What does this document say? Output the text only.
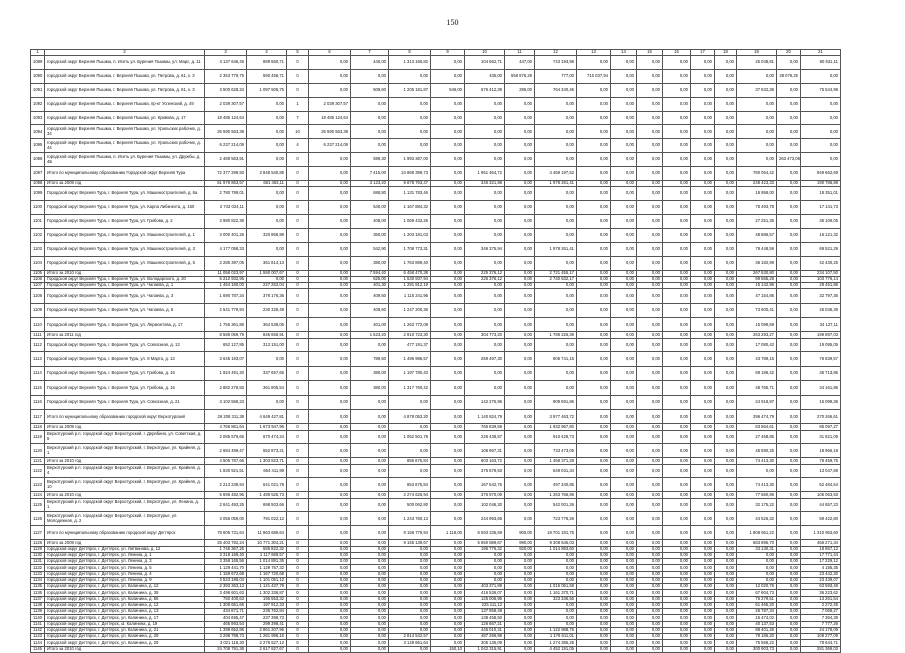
150
1	2	3	4	5	6	7	8	9	10	11	12	13	14	15	16	17	18	19	20	21	
1089	городской округ Верхняя Пышма, п. Исеть ул. Бурения Пышмы, ул. Марс, д. 11	3 137 646,45	889 560,71	0	0,00	440,00	1 313 165,82	0,00	104 562,71	447,00	743 193,99	0,00	0,00	0,00	0,00	0,00	0,00	25 048,81	0,00	80 531,11	
1090	городской округ Верхняя Пышма, г. Верхняя Пышма, ул. Петрова, д. 61, к. 3	2 353 779,75	590 458,71	0	0,00	0,00	0,00	0,00	435,00	558 976,29	777,00	710 037,94	0,00	0,00	0,00	0,00	0,00	0,00	38 078,25	0,00	
1091	городской округ Верхняя Пышма, г. Верхняя Пышма, ул. Петрова, д. 61, к. 3	3 500 628,34	1 097 506,75	0	0,00	509,60	1 205 181,87	546,00	676 412,39	295,00	764 340,46	0,00	0,00	0,00	0,00	0,00	0,00	37 632,36	0,00	75 544,99	
1092	городской округ Верхняя Пышма, г. Верхняя Пышма, пр-кт Успенский, д. 49	2 039 307,57	0,00	1	2 039 307,57	0,00	0,00	0,00	0,00	0,00	0,00	0,00	0,00	0,00	0,00	0,00	0,00	0,00	0,00	0,00	
1093	городской округ Верхняя Пышма, г. Верхняя Пышма, ул. Кривова, д. 17	18 485 124,64	0,00	7	18 485 124,64	0,00	0,00	0,00	0,00	0,00	0,00	0,00	0,00	0,00	0,00	0,00	0,00	0,00	0,00	0,00	
1094	городской округ Верхняя Пышма, г. Верхняя Пышма, ул. Уральских рабочих, д. 34	26 590 563,39	0,00	10	26 590 563,39	0,00	0,00	0,00	0,00	0,00	0,00	0,00	0,00	0,00	0,00	0,00	0,00	0,00	0,00	0,00	
1095	городской округ Верхняя Пышма, г. Верхняя Пышма, ул. Уральских рабочих, д. 44	6 237 214,09	0,00	4	6 237 214,09	0,00	0,00	0,00	0,00	0,00	0,00	0,00	0,00	0,00	0,00	0,00	0,00	0,00	0,00	0,00	
1096	городской округ Верхняя Пышма, п. Исеть ул. Бурения Пышмы, ул. Дружбы, д. 4Б	2 469 563,91	0,00	0	0,00	599,30	1 993 367,00	0,00	0,00	0,00	0,00	0,00	0,00	0,00	0,00	0,00	0,00	0,00	263 473,06	0,00	
1097	Итого по муниципальному образованию Городской округ Верхняя Тура	72 377 299,93	3 848 540,85	0	0,00	7 415,00	24 869 399,73	0,00	1 951 464,72	0,00	4 459 197,52	0,00	0,00	0,00	0,00	0,00	0,00	780 064,42	0,00	949 662,69	
1098	Итого за 2009 год	51 979 863,57	681 463,11	0	0,00	3 123,20	9 878 763,47	0,00	346 321,98	0,00	1 978 261,41	0,00	0,00	0,00	0,00	0,00	0,00	248 423,33	0,00	190 786,88	
1099	Городской округ Верхняя Тура, г. Верхняя Тура, ул. Машиностроителей, д. 6а	2 780 799,01	0,00	0	0,00	688,80	1 131 783,46	0,00	0,00	0,00	0,00	0,00	0,00	0,00	0,00	0,00	0,00	16 958,00	0,00	18 351,01	
1100	Городской округ Верхняя Тура, г. Верхняя Тура, ул. Карла Либкнехта, д. 150	2 743 024,11	0,00	0	0,00	540,00	1 167 884,32	0,00	0,00	0,00	0,00	0,00	0,00	0,00	0,00	0,00	0,00	75 493,78	0,00	17 141,73	
1101	Городской округ Верхняя Тура, г. Верхняя Тура, ул. Грибова, д. 2	3 980 822,36	0,00	0	0,00	408,00	1 069 432,26	0,00	0,00	0,00	0,00	0,00	0,00	0,00	0,00	0,00	0,00	27 251,35	0,00	36 109,05	
1102	Городской округ Верхняя Тура, г. Верхняя Тура, ул. Машиностроителей, д. 1	3 000 401,26	320 868,99	0	0,00	360,00	1 203 181,03	0,00	0,00	0,00	0,00	0,00	0,00	0,00	0,00	0,00	0,00	48 886,57	0,00	16 121,32	
1103	Городской округ Верхняя Тура, г. Верхняя Тура, ул. Машиностроителей, д. 3	4 177 058,33	0,00	0	0,00	542,90	1 708 773,31	0,00	346 375,94	0,00	1 978 261,41	0,00	0,00	0,00	0,00	0,00	0,00	79 448,59	0,00	69 521,29	
1104	Городской округ Верхняя Тура, г. Верхняя Тура, ул. Машиностроителей, д. 5	2 285 397,05	361 814,13	0	0,00	380,00	1 763 899,40	0,00	0,00	0,00	0,00	0,00	0,00	0,00	0,00	0,00	0,00	36 182,99	0,00	42 430,25	
1105	Итого за 2010 год	11 058 023,97	1 590 007,67	0	0,00	7 594,40	6 458 470,38	0,00	225 376,12	0,00	2 721 455,17	0,00	0,00	0,00	0,00	0,00	0,00	267 530,80	0,00	234 107,50	
1106	Городской округ Верхняя Тура, г. Верхняя Тура, ул. Володарского, д. 20	5 212 932,95	0,00	0	0,00	625,00	1 530 937,94	0,00	225 376,12	0,00	2 740 632,17	0,00	0,00	0,00	0,00	0,00	0,00	99 565,28	0,00	103 776,14	
1107	Городской округ Верхняя Тура, г. Верхняя Тура, ул. Чапаева, д. 1	1 464 160,00	227 253,04	0	0,00	401,30	1 291 912,19	0,00	0,00	0,00	0,00	0,00	0,00	0,00	0,00	0,00	0,00	15 142,96	0,00	28 451,86	
1108	Городской округ Верхняя Тура, г. Верхняя Тура, ул. Чапаева, д. 3	1 690 787,34	378 176,36	0	0,00	409,50	1 116 241,96	0,00	0,00	0,00	0,00	0,00	0,00	0,00	0,00	0,00	0,00	47 154,86	0,00	32 797,36	
1109	Городской округ Верхняя Тура, г. Верхняя Тура, ул. Чапаева, д. 5	2 541 779,94	230 328,49	0	0,00	409,60	1 247 200,36	0,00	0,00	0,00	0,00	0,00	0,00	0,00	0,00	0,00	0,00	73 600,41	0,00	26 046,39	
1110	Городской округ Верхняя Тура, г. Верхняя Тура, ул. Лермонтова, д. 17	1 755 361,86	364 538,05	0	0,00	401,00	1 263 772,08	0,00	0,00	0,00	0,00	0,00	0,00	0,00	0,00	0,00	0,00	15 099,59	0,00	34 127,11	
1111	Итого за 2011 год	8 585 069,79	845 656,91	0	0,00	1 523,20	2 910 723,30	0,00	304 773,20	0,00	1 786 226,39	0,00	0,00	0,00	0,00	0,00	0,00	263 293,27	0,00	199 897,03	
1112	Городской округ Верхняя Тура, г. Верхняя Тура, ул. Совхозная, д. 13	652 127,85	313 151,00	0	0,00	0,00	477 191,37	0,00	0,00	0,00	0,00	0,00	0,00	0,00	0,00	0,00	0,00	17 080,42	0,00	19 095,05	
1113	Городской округ Верхняя Тура, г. Верхняя Тура, ул. 8 Марта, д. 13	3 645 193,07	0,00	0	0,00	789,50	1 496 986,57	0,00	259 497,30	0,00	806 741,15	0,00	0,00	0,00	0,00	0,00	0,00	43 789,15	0,00	76 839,57	
1114	Городской округ Верхняя Тура, г. Верхняя Тура, ул. Грибова, д. 16	1 924 491,20	337 657,66	0	0,00	380,00	1 197 780,43	0,00	0,00	0,00	0,00	0,00	0,00	0,00	0,00	0,00	0,00	68 186,42	0,00	36 713,86	
1115	Городской округ Верхняя Тура, г. Верхняя Тура, ул. Грибова, д. 16	2 882 278,83	361 805,54	0	0,00	380,00	1 317 760,42	0,00	0,00	0,00	0,00	0,00	0,00	0,00	0,00	0,00	0,00	48 765,71	0,00	34 161,86	
1116	Городской округ Верхняя Тура, г. Верхняя Тура, ул. Совхозная, д. 21	3 102 558,23	0,00	0	0,00	0,00	0,00	0,00	142 275,96	0,00	909 691,86	0,00	0,00	0,00	0,00	0,00	0,00	24 918,97	0,00	16 099,36	
1117	Итого по муниципальному образованию городской округ Верхотурский	26 208 311,38	4 649 427,81	0	0,00	0,00	4 878 053,20	0,00	1 140 824,79	0,00	3 977 463,72	0,00	0,00	0,00	0,00	0,00	0,00	296 474,79	0,00	270 266,61	
1118	Итого за 2009 год	4 766 861,64	1 673 947,96	0	0,00	0,00	0,00	0,00	765 839,59	0,00	1 932 967,80	0,00	0,00	0,00	0,00	0,00	0,00	83 664,61	0,00	85 097,27	
1119	Верхотурский р.п. городской округ Верхотурский, г. Дерябино, ул. Советская, д. 5	2 085 579,66	670 474,24	0	0,00	0,00	1 052 501,78	0,00	226 438,57	0,00	910 428,73	0,00	0,00	0,00	0,00	0,00	0,00	27 458,85	0,00	31 821,09	
1120	Верхотурский р.п. городской округ Верхотурский, г. Верхотурье, ул. Крайняя, д. 1	2 684 499,47	552 873,21	0	0,00	0,00	0,00	0,00	106 967,31	0,00	733 473,05	0,00	0,00	0,00	0,00	0,00	0,00	45 590,25	0,00	18 966,18	
1121	Итого за 2010 год	4 505 767,66	1 303 823,71	0	0,00	0,00	856 675,84	0,00	603 163,72	0,00	1 458 371,28	0,00	0,00	0,00	0,00	0,00	0,00	74 413,30	0,00	78 459,75	
1122	Верхотурский р.п. городской округ Верхотурский, г. Верхотурье, ул. Крайняя, д. 4	1 830 921,51	664 411,99	0	0,00	0,00	0,00	0,00	375 679,93	0,00	649 031,34	0,00	0,00	0,00	0,00	0,00	0,00	0,00	0,00	13 047,69	
1123	Верхотурский р.п. городской округ Верхотурский, г. Верхотурье, ул. Крайняя, д. 10	2 213 239,94	641 021,78	0	0,00	0,00	853 675,84	0,00	167 542,76	0,00	497 340,85	0,00	0,00	0,00	0,00	0,00	0,00	74 413,30	0,00	62 484,54	
1124	Итого за 2010 год	5 696 482,96	1 489 525,73	0	0,00	0,00	2 274 626,94	0,00	376 970,09	0,00	1 263 766,86	0,00	0,00	0,00	0,00	0,00	0,00	77 560,86	0,00	106 063,93	
1125	Верхотурский р.п. городской округ Верхотурский, г. Верхотурье, ул. Ленина, д. 1	2 641 493,25	698 503,66	0	0,00	0,00	500 062,80	0,00	102 046,30	0,00	542 001,26	0,00	0,00	0,00	0,00	0,00	0,00	32 175,22	0,00	44 657,23	
1126	Верхотурский р.п. городской округ Верхотурский, г. Верхотурье, ул. Молодежная, д. 2	3 055 059,00	791 022,12	0	0,00	0,00	1 243 760,13	0,00	244 993,65	0,00	723 778,26	0,00	0,00	0,00	0,00	0,00	0,00	44 526,32	0,00	59 422,80	
1127	Итого по муниципальному образованию городской округ Дегтярск	79 605 731,64	11 863 689,64	0	0,00	0,00	9 158 779,94	1 118,00	6 593 235,59	900,00	19 701 181,75	0,00	0,00	0,00	0,00	0,00	0,00	1 808 651,22	0,00	1 310 953,60	
1128	Итого за 2009 год	25 403 782,24	10 771 304,21	0	0,00	0,00	9 155 139,67	0,00	5 650 889,67	990,00	9 308 545,03	0,00	0,00	0,00	0,00	0,00	0,00	683 895,70	0,00	456 271,34	
1129	городской округ Дегтярск, г. Дегтярск, ул. Литвинова, д. 12	1 745 367,25	585 822,32	0	0,00	0,00	0,00	0,00	195 776,32	920,00	1 014 893,60	0,00	0,00	0,00	0,00	0,00	0,00	33 130,31	0,00	18 857,12	
1130	городской округ Дегтярск, г. Дегтярск, ул. Ленина, д. 1	3 318 168,40	1 117 669,57	0	0,00	0,00	0,00	0,00	0,00	0,00	0,00	0,00	0,00	0,00	0,00	0,00	0,00	0,00	0,00	17 771,44	
1131	городской округ Дегтярск, г. Дегтярск, ул. Ленина, д. 3	3 358 165,56	1 014 891,35	0	0,00	0,00	0,00	0,00	0,00	0,00	0,00	0,00	0,00	0,00	0,00	0,00	0,00	0,00	0,00	17 229,12	
1132	городской округ Дегтярск, г. Дегтярск, ул. Ленина, д. 5	1 129 441,70	1 129 757,32	0	0,00	0,00	0,00	0,00	0,00	0,00	0,00	0,00	0,00	0,00	0,00	0,00	0,00	0,00	0,00	4 185,35	
1133	городской округ Дегтярск, г. Дегтярск, ул. Ленина, д. 4	1 159 672,68	1 167 720,68	0	0,00	0,00	0,00	0,00	0,00	0,00	0,00	0,00	0,00	0,00	0,00	0,00	0,00	0,00	0,00	23 442,30	
1134	городской округ Дегтярск, г. Дегтярск, ул. Ленина, д. 9	3 523 195,04	1 101 051,12	0	0,00	0,00	0,00	0,00	0,00	0,00	0,00	0,00	0,00	0,00	0,00	0,00	0,00	0,00	0,00	23 439,07	
1135	городской округ Дегтярск, г. Дегтярск, ул. Калинина, д. 12	2 393 363,13	1 121 437,79	0	0,00	0,00	0,00	0,00	403 371,89	0,00	1 015 051,58	0,00	0,00	0,00	0,00	0,00	0,00	12 020,76	0,00	63 593,48	
1136	городской округ Дегтярск, г. Дегтярск, ул. Калинина, д. 38	3 498 601,63	1 302 336,87	0	0,00	0,00	0,00	0,00	416 536,07	0,00	1 161 370,71	0,00	0,00	0,00	0,00	0,00	0,00	67 604,73	0,00	36 223,62	
1137	городской округ Дегтярск, г. Дегтярск, ул. Калинина, д. 56	750 400,63	195 553,32	0	0,00	0,00	0,00	0,00	125 006,96	0,00	323 336,55	0,00	0,00	0,00	0,00	0,00	0,00	75 279,51	0,00	13 261,54	
1138	городской округ Дегтярск, г. Дегтярск, ул. Калинина, д. 12	1 308 651,66	197 912,33	0	0,00	0,00	0,00	0,00	225 111,12	0,00	0,00	0,00	0,00	0,00	0,00	0,00	0,00	61 465,20	0,00	2 272,45	
1139	городской округ Дегтярск, г. Дегтярск, ул. Калинина, д. 13	434 871,71	235 762,84	0	0,00	0,00	0,00	0,00	137 958,48	0,00	0,00	0,00	0,00	0,00	0,00	0,00	0,00	26 787,34	0,00	7 068,27	
1140	городской округ Дегтярск, г. Дегтярск, ул. Калинина, д. 17	404 695,47	237 398,73	0	0,00	0,00	0,00	0,00	138 458,50	0,00	0,00	0,00	0,00	0,00	0,00	0,00	0,00	15 474,02	0,00	7 364,39	
1141	городской округ Дегтярск, г. Дегтярск, ul. Калинина, д. 19	466 993,54	299 398,41	0	0,00	0,00	0,00	0,00	126 667,21	0,00	0,00	0,00	0,00	0,00	0,00	0,00	0,00	40 137,53	0,00	7 777,26	
1142	городской округ Дегтярск, г. Дегтярск, ул. Калинина, д. 21	1 399 652,86	2 861 207,96	0	0,00	0,00	0,00	0,00	445 010,31	0,00	1 122 988,75	0,00	0,00	0,00	0,00	0,00	0,00	88 401,26	0,00	24 178,09	
1143	городской округ Дегтярск, г. Дегтярск, ул. Калинина, д. 28	3 298 798,73	1 261 996,16	0	0,00	0,00	2 814 542,57	0,00	487 286,98	0,00	1 176 611,01	0,00	0,00	0,00	0,00	0,00	0,00	78 186,20	0,00	109 277,09	
1144	городской округ Дегтярск, г. Дегтярск, ул. Калинина, д. 29	3 021 118,30	2 275 527,12	0	0,00	0,00	3 148 661,64	0,00	305 135,09	0,00	1 274 385,26	0,00	0,00	0,00	0,00	0,00	0,00	75 568,22	0,00	78 644,71	
1145	Итого за 2010 год	24 708 791,36	2 617 827,67	0	0,00	0,00	0,00	150,10	1 042 315,91	0,00	4 452 191,05	0,00	0,00	0,00	0,00	0,00	0,00	300 903,73	0,00	281 369,03	
